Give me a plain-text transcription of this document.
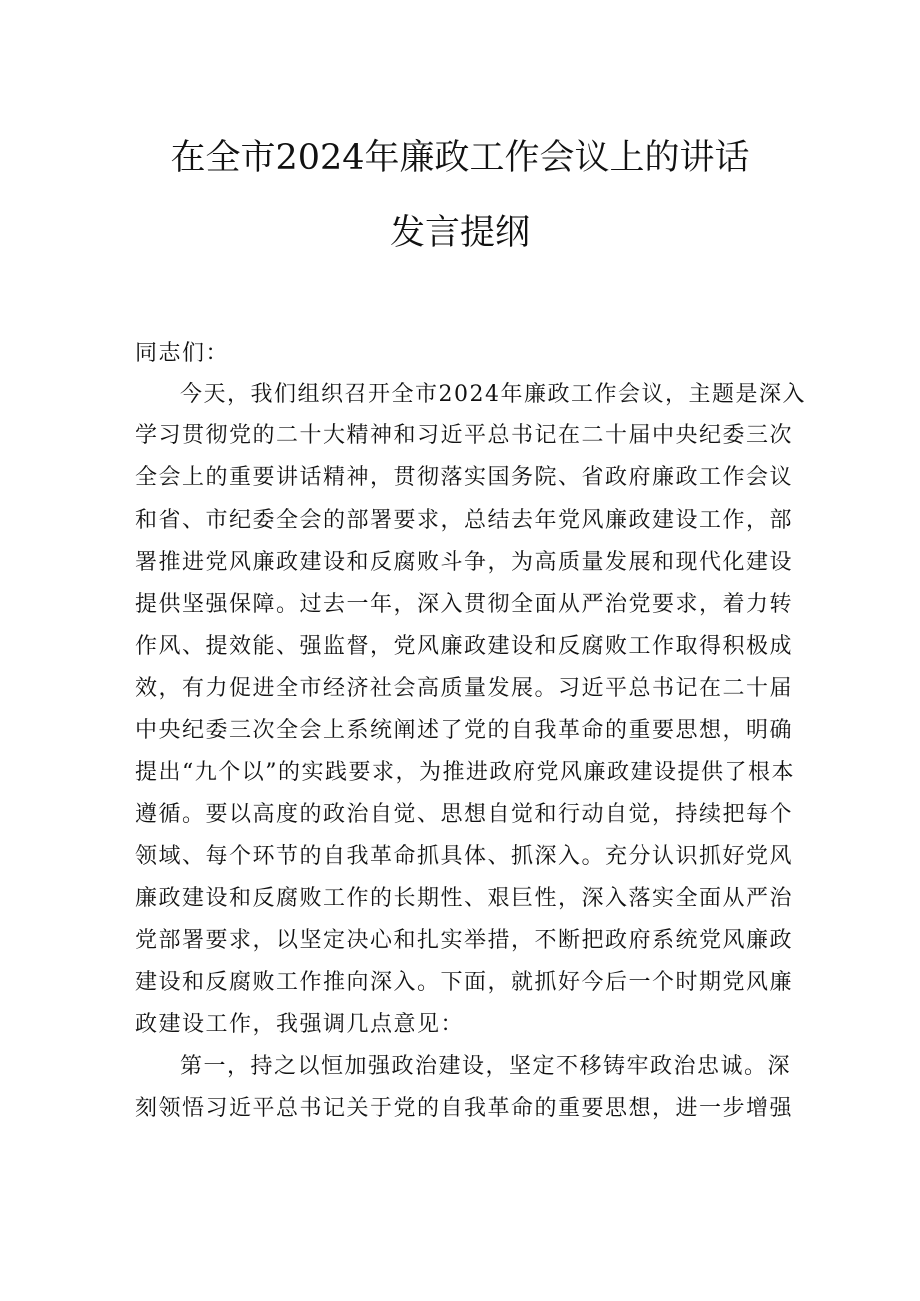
在全市2024年廉政工作会议上的讲话
发言提纲
同志们：
今天，我们组织召开全市2024年廉政工作会议，主题是深入
学习贯彻党的二十大精神和习近平总书记在二十届中央纪委三次
全会上的重要讲话精神，贯彻落实国务院、省政府廉政工作会议
和省、市纪委全会的部署要求，总结去年党风廉政建设工作，部
署推进党风廉政建设和反腐败斗争，为高质量发展和现代化建设
提供坚强保障。过去一年，深入贯彻全面从严治党要求，着力转
作风、提效能、强监督，党风廉政建设和反腐败工作取得积极成
效，有力促进全市经济社会高质量发展。习近平总书记在二十届
中央纪委三次全会上系统阐述了党的自我革命的重要思想，明确
提出“九个以”的实践要求，为推进政府党风廉政建设提供了根本
遵循。要以高度的政治自觉、思想自觉和行动自觉，持续把每个
领域、每个环节的自我革命抓具体、抓深入。充分认识抓好党风
廉政建设和反腐败工作的长期性、艰巨性，深入落实全面从严治
党部署要求，以坚定决心和扎实举措，不断把政府系统党风廉政
建设和反腐败工作推向深入。下面，就抓好今后一个时期党风廉
政建设工作，我强调几点意见：
第一，持之以恒加强政治建设，坚定不移铸牢政治忠诚。深
刻领悟习近平总书记关于党的自我革命的重要思想，进一步增强
